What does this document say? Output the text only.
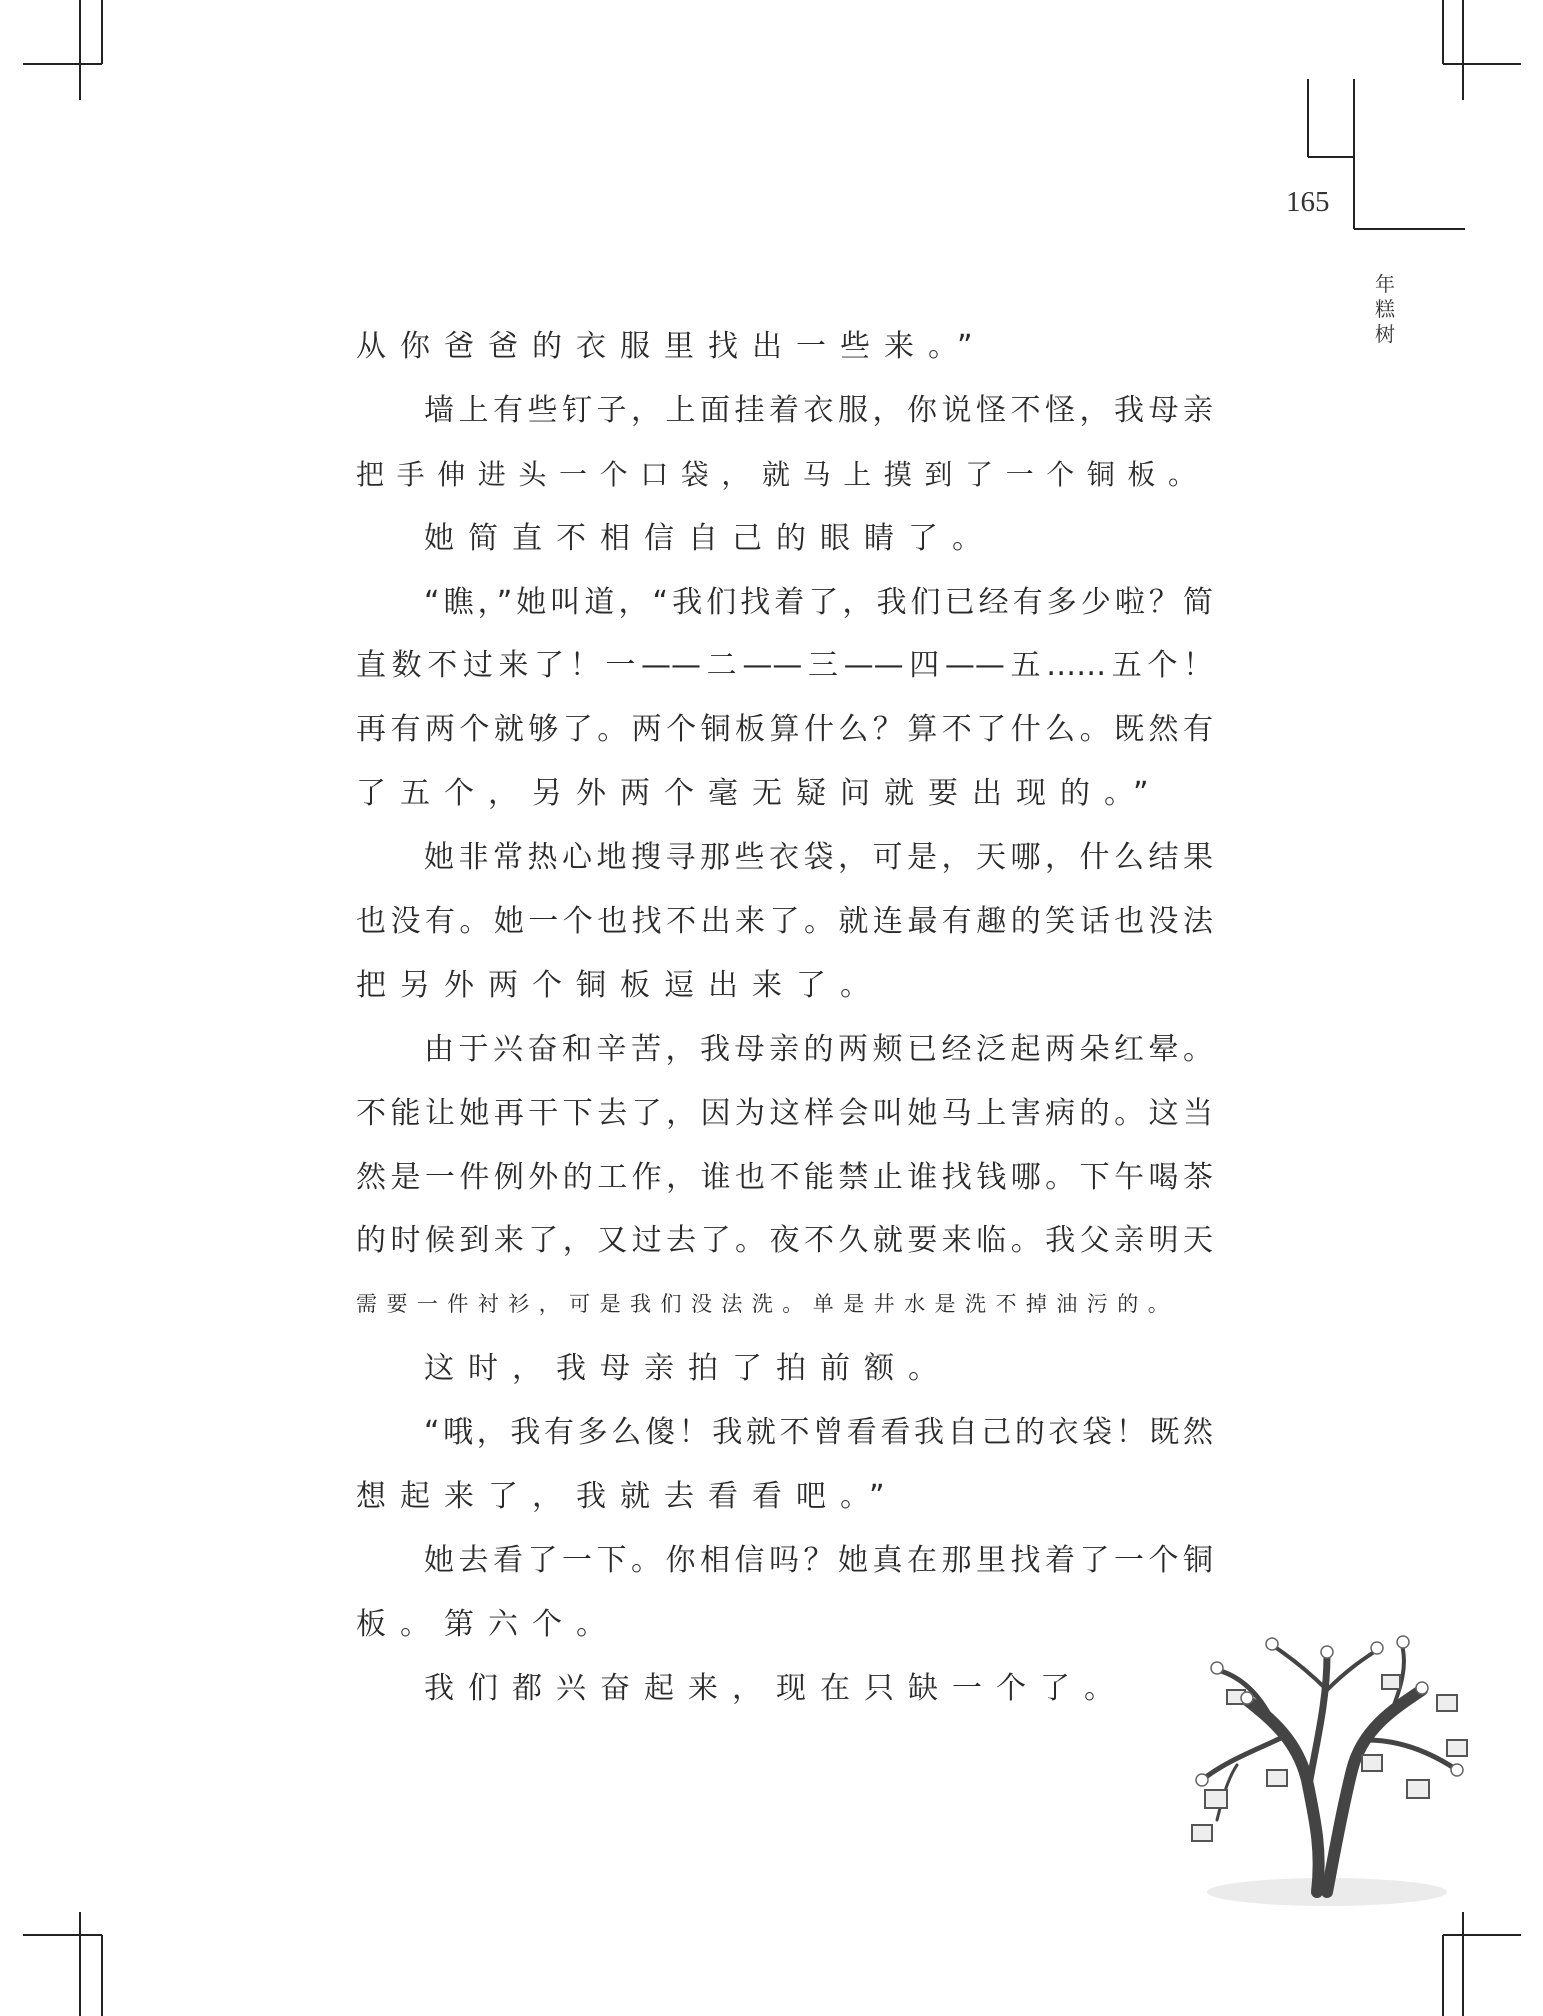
165
年
糕
树
从你爸爸的衣服里找出一些来。”
墙上有些钉子，上面挂着衣服，你说怪不怪，我母亲
把手伸进头一个口袋，就马上摸到了一个铜板。
她简直不相信自己的眼睛了。
“瞧，”她叫道，“我们找着了，我们已经有多少啦？简
直数不过来了！一——二——三——四——五……五个！
再有两个就够了。两个铜板算什么？算不了什么。既然有
了五个，另外两个毫无疑问就要出现的。”
她非常热心地搜寻那些衣袋，可是，天哪，什么结果
也没有。她一个也找不出来了。就连最有趣的笑话也没法
把另外两个铜板逗出来了。
由于兴奋和辛苦，我母亲的两颊已经泛起两朵红晕。
不能让她再干下去了，因为这样会叫她马上害病的。这当
然是一件例外的工作，谁也不能禁止谁找钱哪。下午喝茶
的时候到来了，又过去了。夜不久就要来临。我父亲明天
需要一件衬衫，可是我们没法洗。单是井水是洗不掉油污的。
这时，我母亲拍了拍前额。
“哦，我有多么傻！我就不曾看看我自己的衣袋！既然
想起来了，我就去看看吧。”
她去看了一下。你相信吗？她真在那里找着了一个铜
板。第六个。
我们都兴奋起来，现在只缺一个了。
